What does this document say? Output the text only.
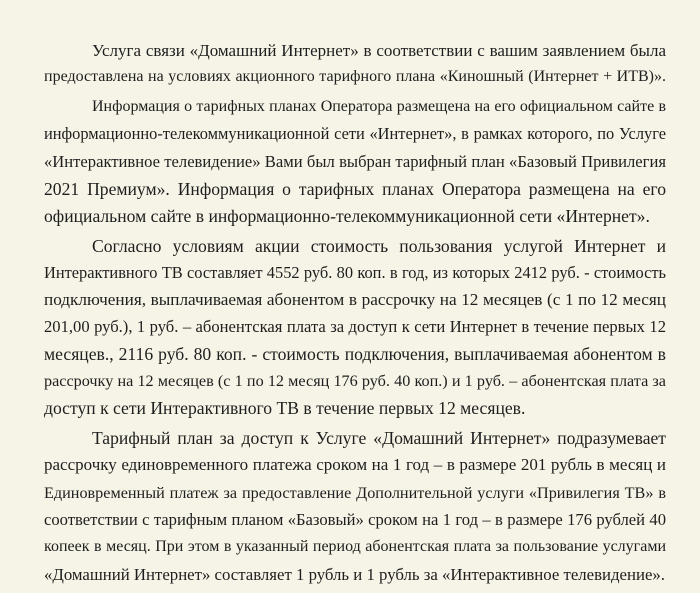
Услуга связи «Домашний Интернет» в соответствии с вашим заявлением была
предоставлена на условиях акционного тарифного плана «Киношный (Интернет + ИТВ)».
Информация о тарифных планах Оператора размещена на его официальном сайте в
информационно-телекоммуникационной сети «Интернет», в рамках которого, по Услуге
«Интерактивное телевидение» Вами был выбран тарифный план «Базовый Привилегия
2021 Премиум». Информация о тарифных планах Оператора размещена на его
официальном сайте в информационно-телекоммуникационной сети «Интернет».
Согласно условиям акции стоимость пользования услугой Интернет и
Интерактивного ТВ составляет 4552 руб. 80 коп. в год, из которых 2412 руб. - стоимость
подключения, выплачиваемая абонентом в рассрочку на 12 месяцев (с 1 по 12 месяц
201,00 руб.), 1 руб. – абонентская плата за доступ к сети Интернет в течение первых 12
месяцев., 2116 руб. 80 коп. - стоимость подключения, выплачиваемая абонентом в
рассрочку на 12 месяцев (с 1 по 12 месяц 176 руб. 40 коп.) и 1 руб. – абонентская плата за
доступ к сети Интерактивного ТВ в течение первых 12 месяцев.
Тарифный план за доступ к Услуге «Домашний Интернет» подразумевает
рассрочку единовременного платежа сроком на 1 год – в размере 201 рубль в месяц и
Единовременный платеж за предоставление Дополнительной услуги «Привилегия ТВ» в
соответствии с тарифным планом «Базовый» сроком на 1 год – в размере 176 рублей 40
копеек в месяц. При этом в указанный период абонентская плата за пользование услугами
«Домашний Интернет» составляет 1 рубль и 1 рубль за «Интерактивное телевидение».
